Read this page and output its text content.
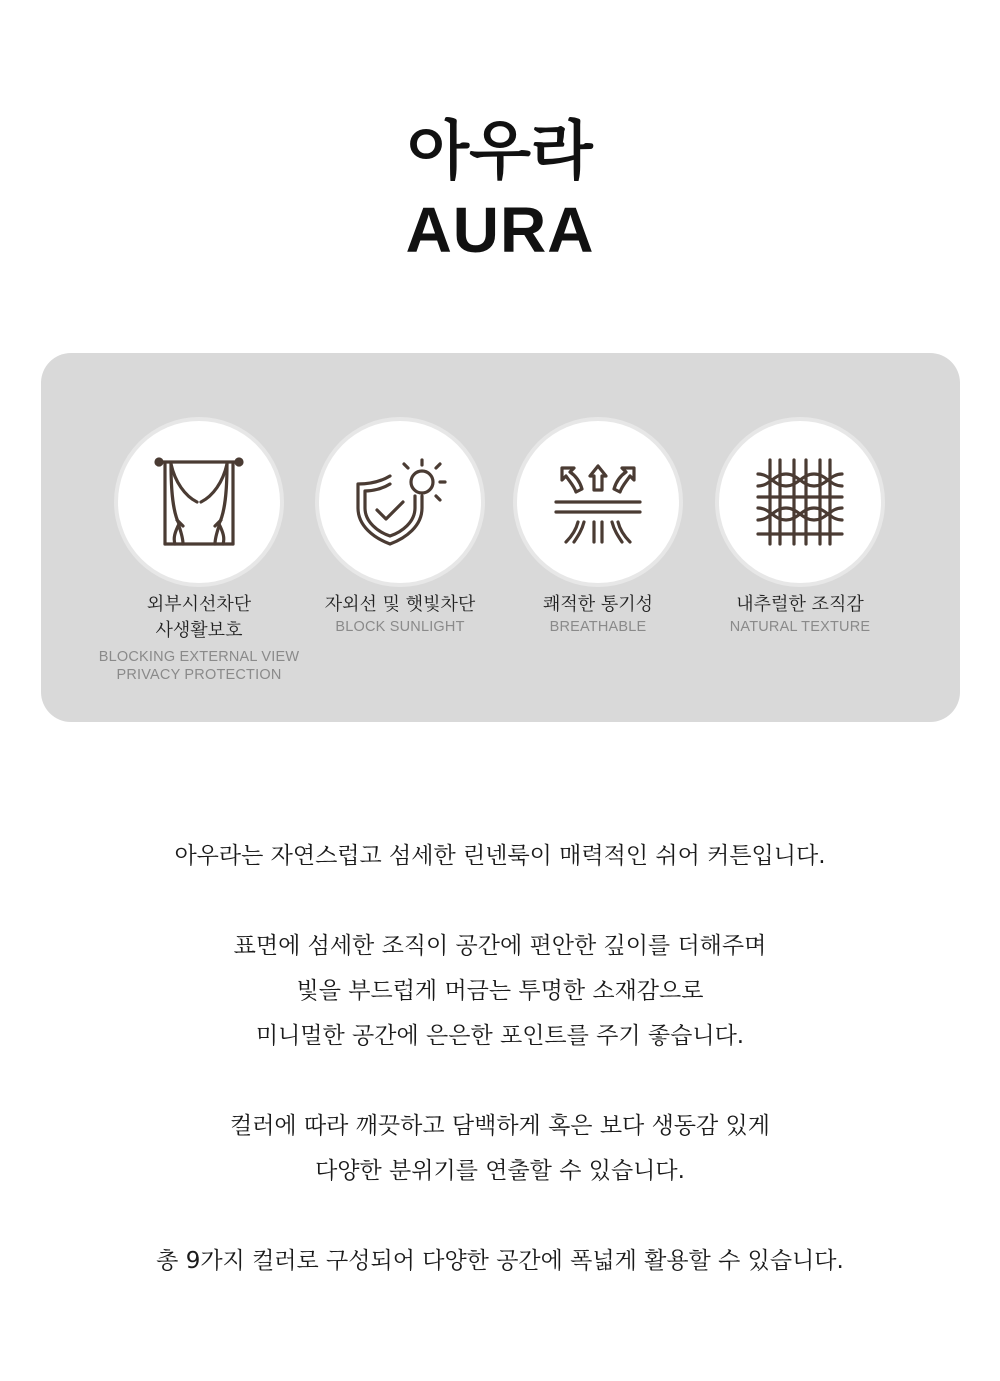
아우라
AURA
외부시선차단
사생활보호
BLOCKING EXTERNAL VIEW
PRIVACY PROTECTION
자외선 및 햇빛차단
BLOCK SUNLIGHT
쾌적한 통기성
BREATHABLE
내추럴한 조직감
NATURAL TEXTURE
아우라는 자연스럽고 섬세한 린넨룩이 매력적인 쉬어 커튼입니다.
표면에 섬세한 조직이 공간에 편안한 깊이를 더해주며
빛을 부드럽게 머금는 투명한 소재감으로
미니멀한 공간에 은은한 포인트를 주기 좋습니다.
컬러에 따라 깨끗하고 담백하게 혹은 보다 생동감 있게
다양한 분위기를 연출할 수 있습니다.
총 9가지 컬러로 구성되어 다양한 공간에 폭넓게 활용할 수 있습니다.
